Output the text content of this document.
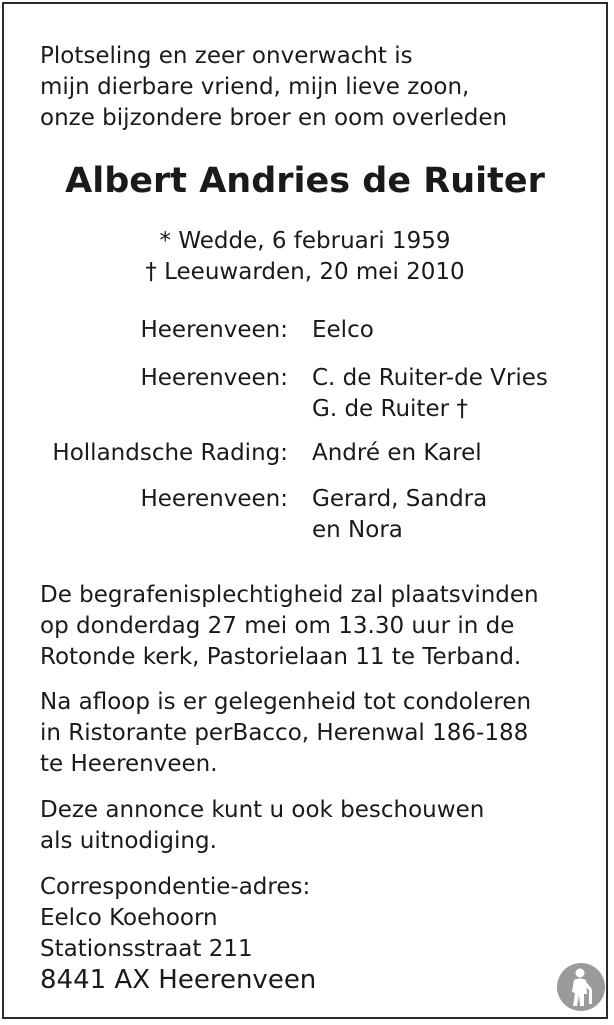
Plotseling en zeer onverwacht is
mijn dierbare vriend, mijn lieve zoon,
onze bijzondere broer en oom overleden
Albert Andries de Ruiter
* Wedde, 6 februari 1959
† Leeuwarden, 20 mei 2010
Heerenveen: Eelco
Heerenveen: C. de Ruiter-de Vries
G. de Ruiter †
Hollandsche Rading: André en Karel
Heerenveen: Gerard, Sandra
en Nora
De begrafenisplechtigheid zal plaatsvinden
op donderdag 27 mei om 13.30 uur in de
Rotonde kerk, Pastorielaan 11 te Terband.
Na afloop is er gelegenheid tot condoleren
in Ristorante perBacco, Herenwal 186-188
te Heerenveen.
Deze annonce kunt u ook beschouwen
als uitnodiging.
Correspondentie-adres:
Eelco Koehoorn
Stationsstraat 211
8441 AX Heerenveen
